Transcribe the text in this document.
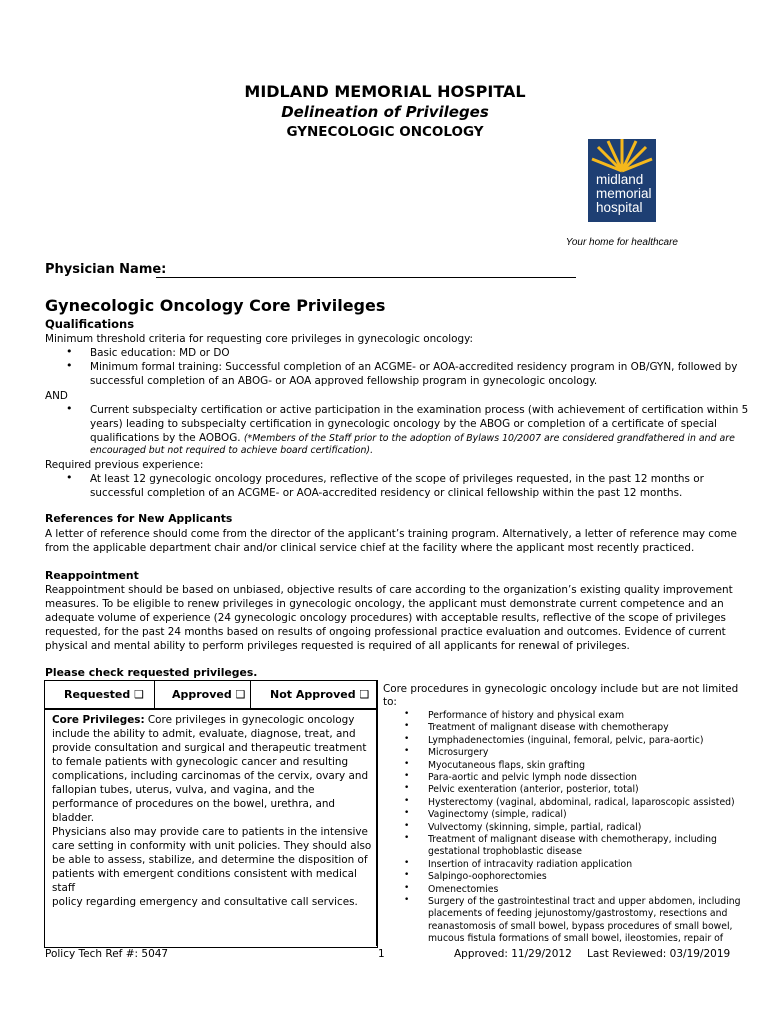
MIDLAND MEMORIAL HOSPITAL
Delineation of Privileges
GYNECOLOGIC ONCOLOGY
midland
memorial
hospital
Your home for healthcare
Physician Name:
Gynecologic Oncology Core Privileges
Qualifications
Minimum threshold criteria for requesting core privileges in gynecologic oncology:
• Basic education: MD or DO
• Minimum formal training: Successful completion of an ACGME- or AOA-accredited residency program in OB/GYN, followed by
successful completion of an ABOG- or AOA approved fellowship program in gynecologic oncology.
AND
• Current subspecialty certification or active participation in the examination process (with achievement of certification within 5
years) leading to subspecialty certification in gynecologic oncology by the ABOG or completion of a certificate of special
qualifications by the AOBOG. (*Members of the Staff prior to the adoption of Bylaws 10/2007 are considered grandfathered in and are
encouraged but not required to achieve board certification).
Required previous experience:
• At least 12 gynecologic oncology procedures, reflective of the scope of privileges requested, in the past 12 months or
successful completion of an ACGME- or AOA-accredited residency or clinical fellowship within the past 12 months.
References for New Applicants
A letter of reference should come from the director of the applicant’s training program. Alternatively, a letter of reference may come
from the applicable department chair and/or clinical service chief at the facility where the applicant most recently practiced.
Reappointment
Reappointment should be based on unbiased, objective results of care according to the organization’s existing quality improvement
measures. To be eligible to renew privileges in gynecologic oncology, the applicant must demonstrate current competence and an
adequate volume of experience (24 gynecologic oncology procedures) with acceptable results, reflective of the scope of privileges
requested, for the past 24 months based on results of ongoing professional practice evaluation and outcomes. Evidence of current
physical and mental ability to perform privileges requested is required of all applicants for renewal of privileges.
Please check requested privileges.
Requested ❑	Approved ❑ Not Approved ❑
Core Privileges: Core privileges in gynecologic oncology
include the ability to admit, evaluate, diagnose, treat, and
provide consultation and surgical and therapeutic treatment
to female patients with gynecologic cancer and resulting
complications, including carcinomas of the cervix, ovary and
fallopian tubes, uterus, vulva, and vagina, and the
performance of procedures on the bowel, urethra, and bladder.
Physicians also may provide care to patients in the intensive
care setting in conformity with unit policies. They should also
be able to assess, stabilize, and determine the disposition of
patients with emergent conditions consistent with medical staff
policy regarding emergency and consultative call services.
Core procedures in gynecologic oncology include but are not limited
to:
• Performance of history and physical exam
• Treatment of malignant disease with chemotherapy
• Lymphadenectomies (inguinal, femoral, pelvic, para-aortic)
• Microsurgery
• Myocutaneous flaps, skin grafting
• Para-aortic and pelvic lymph node dissection
• Pelvic exenteration (anterior, posterior, total)
• Hysterectomy (vaginal, abdominal, radical, laparoscopic assisted)
• Vaginectomy (simple, radical)
• Vulvectomy (skinning, simple, partial, radical)
• Treatment of malignant disease with chemotherapy, including
gestational trophoblastic disease
• Insertion of intracavity radiation application
• Salpingo-oophorectomies
• Omenectomies
• Surgery of the gastrointestinal tract and upper abdomen, including
placements of feeding jejunostomy/gastrostomy, resections and
reanastomosis of small bowel, bypass procedures of small bowel,
mucous fistula formations of small bowel, ileostomies, repair of
Policy Tech Ref #: 5047	1	Approved: 11/29/2012 Last Reviewed: 03/19/2019
